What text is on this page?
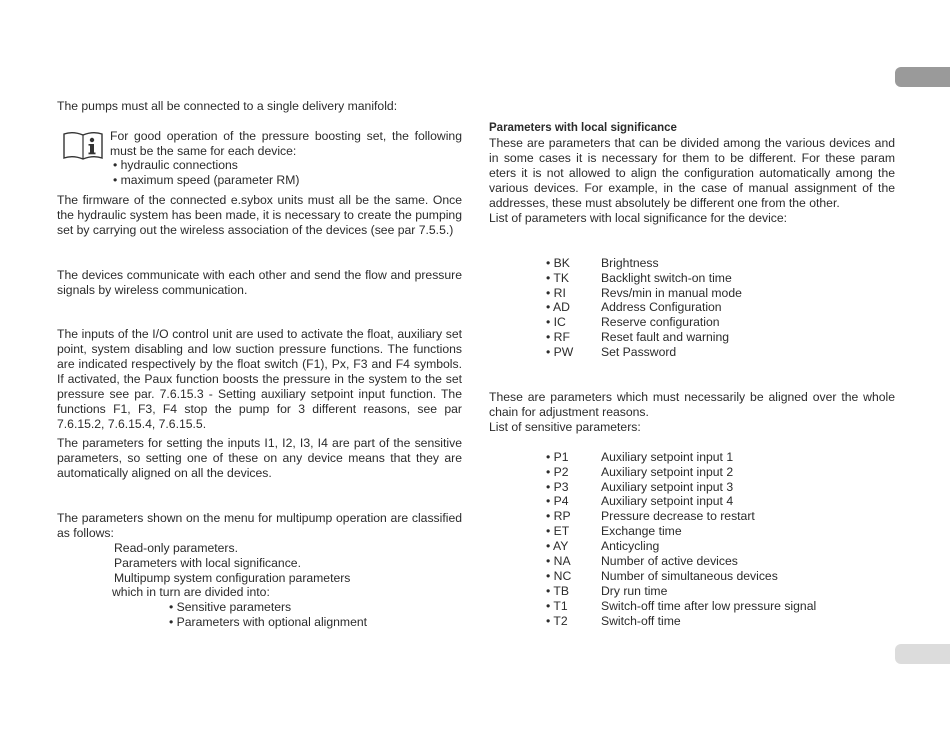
The pumps must all be connected to a single delivery manifold:

For good operation of the pressure boosting set, the following must be the same for each device:

• hydraulic connections

• maximum speed (parameter RM)

The firmware of the connected e.sybox units must all be the same. Once the hydraulic system has been made, it is necessary to create the pumping set by carrying out the wireless association of the devices (see par 7.5.5.)

The devices communicate with each other and send the flow and pressure signals by wireless communication.

The inputs of the I/O control unit are used to activate the float, auxiliary set point, system disabling and low suction pressure functions. The functions are indicated respectively by the float switch (F1), Px, F3 and F4 symbols. If activated, the Paux function boosts the pressure in the system to the set pressure see par. 7.6.15.3 - Setting auxiliary setpoint input function. The functions F1, F3, F4 stop the pump for 3 different reasons, see par 7.6.15.2, 7.6.15.4, 7.6.15.5.

The parameters for setting the inputs I1, I2, I3, I4 are part of the sensitive parameters, so setting one of these on any device means that they are automatically aligned on all the devices.

The parameters shown on the menu for multipump operation are classified as follows:

Read-only parameters.

Parameters with local significance.

Multipump system configuration parameters

which in turn are divided into:

• Sensitive parameters

• Parameters with optional alignment

Parameters with local significance

These are parameters that can be divided among the various devices and in some cases it is necessary for them to be different. For these param eters it is not allowed to align the configuration automatically among the various devices. For example, in the case of manual assignment of the addresses, these must absolutely be different one from the other.

List of parameters with local significance for the device:

• BK	Brightness
• TK	Backlight switch-on time
• RI	Revs/min in manual mode
• AD	Address Configuration
• IC	Reserve configuration
• RF	Reset fault and warning
• PW Set Password

These are parameters which must necessarily be aligned over the whole chain for adjustment reasons.

List of sensitive parameters:

• P1	Auxiliary setpoint input 1
• P2	Auxiliary setpoint input 2
• P3	Auxiliary setpoint input 3
• P4	Auxiliary setpoint input 4
• RP Pressure decrease to restart
• ET	Exchange time
• AY	Anticycling
• NA Number of active devices
• NC Number of simultaneous devices
• TB	Dry run time
• T1	Switch-off time after low pressure signal
• T2	Switch-off time
